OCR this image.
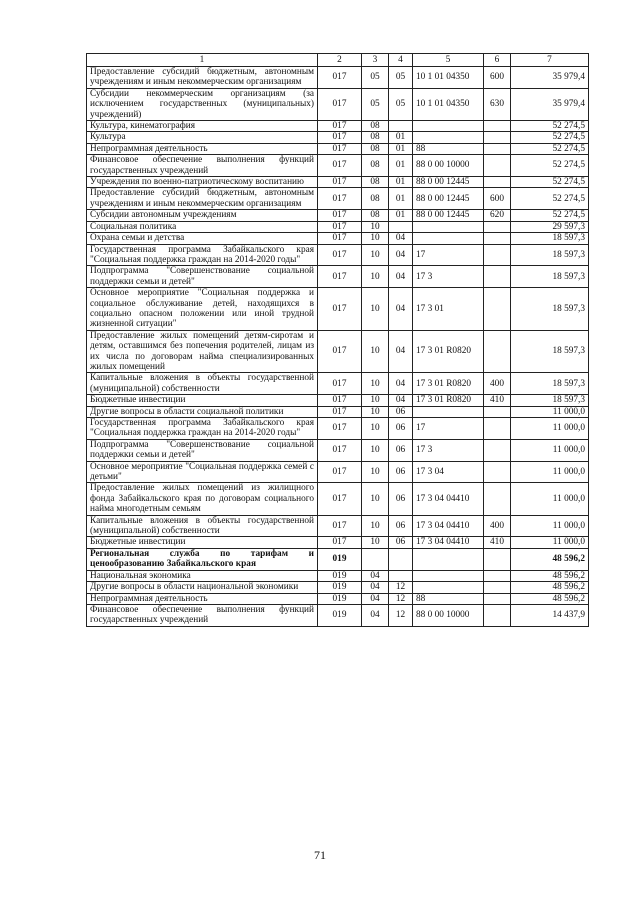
1	2	3	4	5	6	7
Предоставление субсидий бюджетным, автономным учреждениям и иным некоммерческим организациям	017	05	05	10 1 01 04350	600	35 979,4
Субсидии некоммерческим организациям (за исключением государственных (муниципальных) учреждений)	017	05	05	10 1 01 04350	630	35 979,4
Культура, кинематография	017	08				52 274,5
Культура	017	08	01			52 274,5
Непрограммная деятельность	017	08	01	88		52 274,5
Финансовое обеспечение выполнения функций государственных учреждений	017	08	01	88 0 00 10000		52 274,5
Учреждения по военно-патриотическому воспитанию	017	08	01	88 0 00 12445		52 274,5
Предоставление субсидий бюджетным, автономным учреждениям и иным некоммерческим организациям	017	08	01	88 0 00 12445	600	52 274,5
Субсидии автономным учреждениям	017	08	01	88 0 00 12445	620	52 274,5
Социальная политика	017	10				29 597,3
Охрана семьи и детства	017	10	04			18 597,3
Государственная программа Забайкальского края "Социальная поддержка граждан на 2014-2020 годы"	017	10	04	17		18 597,3
Подпрограмма "Совершенствование социальной поддержки семьи и детей"	017	10	04	17 3		18 597,3
Основное мероприятие "Социальная поддержка и социальное обслуживание детей, находящихся в социально опасном положении или иной трудной жизненной ситуации"	017	10	04	17 3 01		18 597,3
Предоставление жилых помещений детям-сиротам и детям, оставшимся без попечения родителей, лицам из их числа по договорам найма специализированных жилых помещений	017	10	04	17 3 01 R0820		18 597,3
Капитальные вложения в объекты государственной (муниципальной) собственности	017	10	04	17 3 01 R0820	400	18 597,3
Бюджетные инвестиции	017	10	04	17 3 01 R0820	410	18 597,3
Другие вопросы в области социальной политики	017	10	06			11 000,0
Государственная программа Забайкальского края "Социальная поддержка граждан на 2014-2020 годы"	017	10	06	17		11 000,0
Подпрограмма "Совершенствование социальной поддержки семьи и детей"	017	10	06	17 3		11 000,0
Основное мероприятие "Социальная поддержка семей с детьми"	017	10	06	17 3 04		11 000,0
Предоставление жилых помещений из жилищного фонда Забайкальского края по договорам социального найма многодетным семьям	017	10	06	17 3 04 04410		11 000,0
Капитальные вложения в объекты государственной (муниципальной) собственности	017	10	06	17 3 04 04410	400	11 000,0
Бюджетные инвестиции	017	10	06	17 3 04 04410	410	11 000,0
Региональная служба по тарифам и ценообразованию Забайкальского края	019					48 596,2
Национальная экономика	019	04				48 596,2
Другие вопросы в области национальной экономики	019	04	12			48 596,2
Непрограммная деятельность	019	04	12	88		48 596,2
Финансовое обеспечение выполнения функций государственных учреждений	019	04	12	88 0 00 10000		14 437,9
71
